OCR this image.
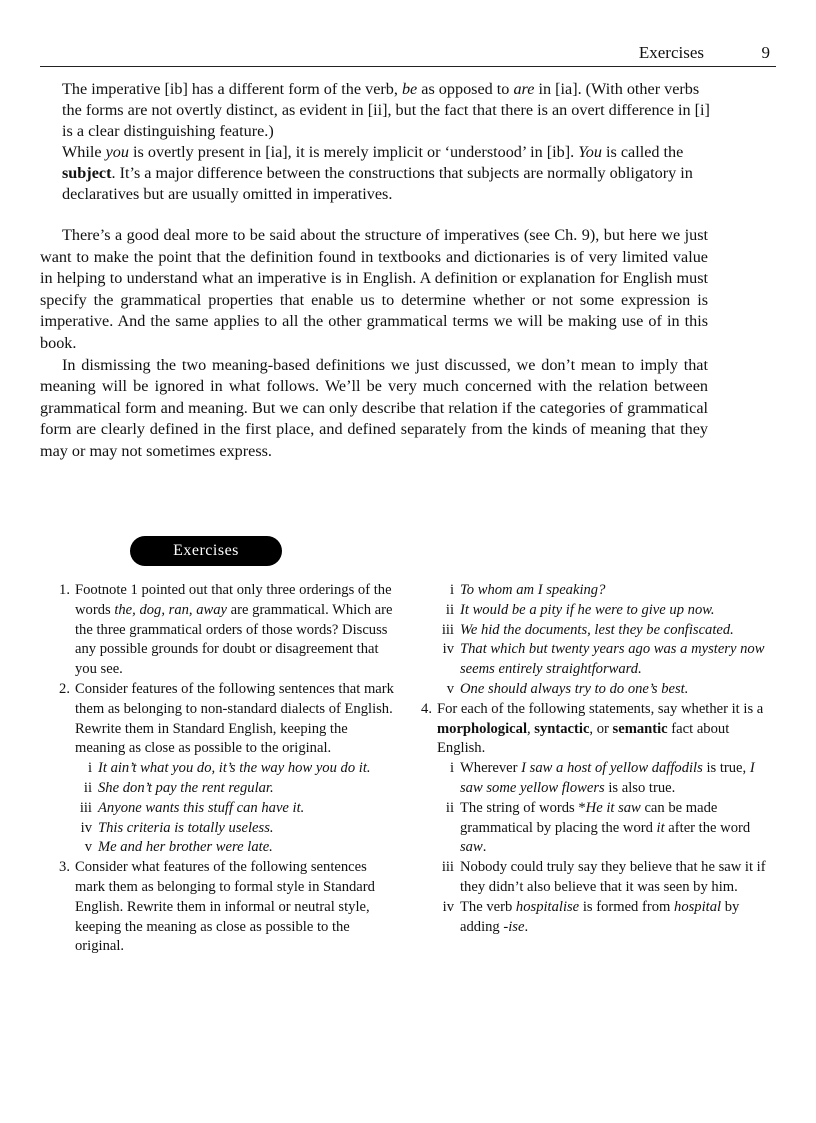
Exercises	9

The imperative [ib] has a different form of the verb, be as opposed to are in [ia]. (With other verbs the forms are not overtly distinct, as evident in [ii], but the fact that there is an overt difference in [i] is a clear distinguishing feature.)

While you is overtly present in [ia], it is merely implicit or ‘understood’ in [ib]. You is called the subject. It’s a major difference between the constructions that subjects are normally obligatory in declaratives but are usually omitted in imperatives.

There’s a good deal more to be said about the structure of imperatives (see Ch. 9), but here we just want to make the point that the definition found in textbooks and dictionaries is of very limited value in helping to understand what an imperative is in English. A definition or explanation for English must specify the grammatical properties that enable us to determine whether or not some expression is imperative. And the same applies to all the other grammatical terms we will be making use of in this book.

In dismissing the two meaning-based definitions we just discussed, we don’t mean to imply that meaning will be ignored in what follows. We’ll be very much concerned with the relation between grammatical form and meaning. But we can only describe that relation if the categories of grammatical form are clearly defined in the first place, and defined separately from the kinds of meaning that they may or may not sometimes express.

Exercises
1. Footnote 1 pointed out that only three orderings of the words the, dog, ran, away are grammatical. Which are the three grammatical orders of those words? Discuss any possible grounds for doubt or disagreement that you see.
2. Consider features of the following sentences that mark them as belonging to non-standard dialects of English. Rewrite them in Standard English, keeping the meaning as close as possible to the original.
i It ain’t what you do, it’s the way how you do it.
ii She don’t pay the rent regular.
iii Anyone wants this stuff can have it.
iv This criteria is totally useless.
v Me and her brother were late.
3. Consider what features of the following sentences mark them as belonging to formal style in Standard English. Rewrite them in informal or neutral style, keeping the meaning as close as possible to the original.
i To whom am I speaking?
ii It would be a pity if he were to give up now.
iii We hid the documents, lest they be confiscated.
iv That which but twenty years ago was a mystery now seems entirely straightforward.
v One should always try to do one’s best.
4. For each of the following statements, say whether it is a morphological, syntactic, or semantic fact about English.
i Wherever I saw a host of yellow daffodils is true, I saw some yellow flowers is also true.
ii The string of words *He it saw can be made grammatical by placing the word it after the word saw.
iii Nobody could truly say they believe that he saw it if they didn’t also believe that it was seen by him.
iv The verb hospitalise is formed from hospital by adding -ise.
